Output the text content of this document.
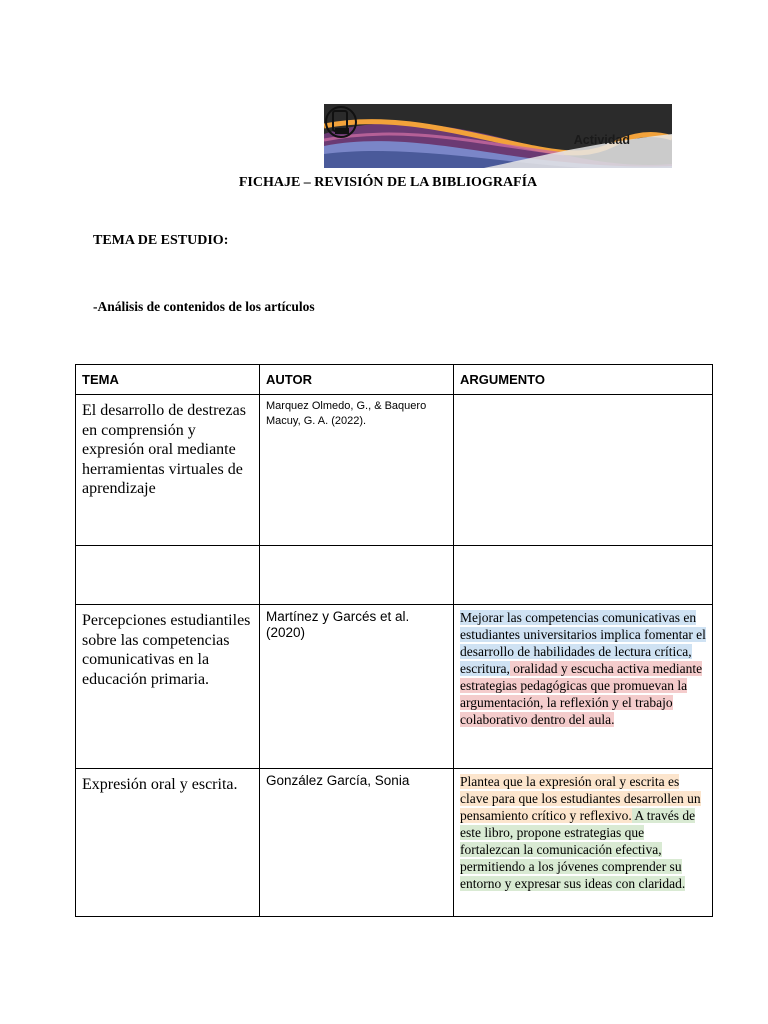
Actividad
FICHAJE – REVISIÓN DE LA BIBLIOGRAFÍA
TEMA DE ESTUDIO:
-Análisis de contenidos de los artículos
TEMA	AUTOR	ARGUMENTO
El desarrollo de destrezas en comprensión y expresión oral mediante herramientas virtuales de aprendizaje	Marquez Olmedo, G., & Baquero Macuy, G. A. (2022).	

Percepciones estudiantiles sobre las competencias comunicativas en la educación primaria.	Martínez y Garcés et al.(2020)	Mejorar las competencias comunicativas en estudiantes universitarios implica fomentar el desarrollo de habilidades de lectura crítica, escritura, oralidad y escucha activa mediante estrategias pedagógicas que promuevan la argumentación, la reflexión y el trabajo colaborativo dentro del aula.
Expresión oral y escrita.	González García, Sonia	Plantea que la expresión oral y escrita es clave para que los estudiantes desarrollen un pensamiento crítico y reflexivo. A través de este libro, propone estrategias que fortalezcan la comunicación efectiva, permitiendo a los jóvenes comprender su entorno y expresar sus ideas con claridad.
